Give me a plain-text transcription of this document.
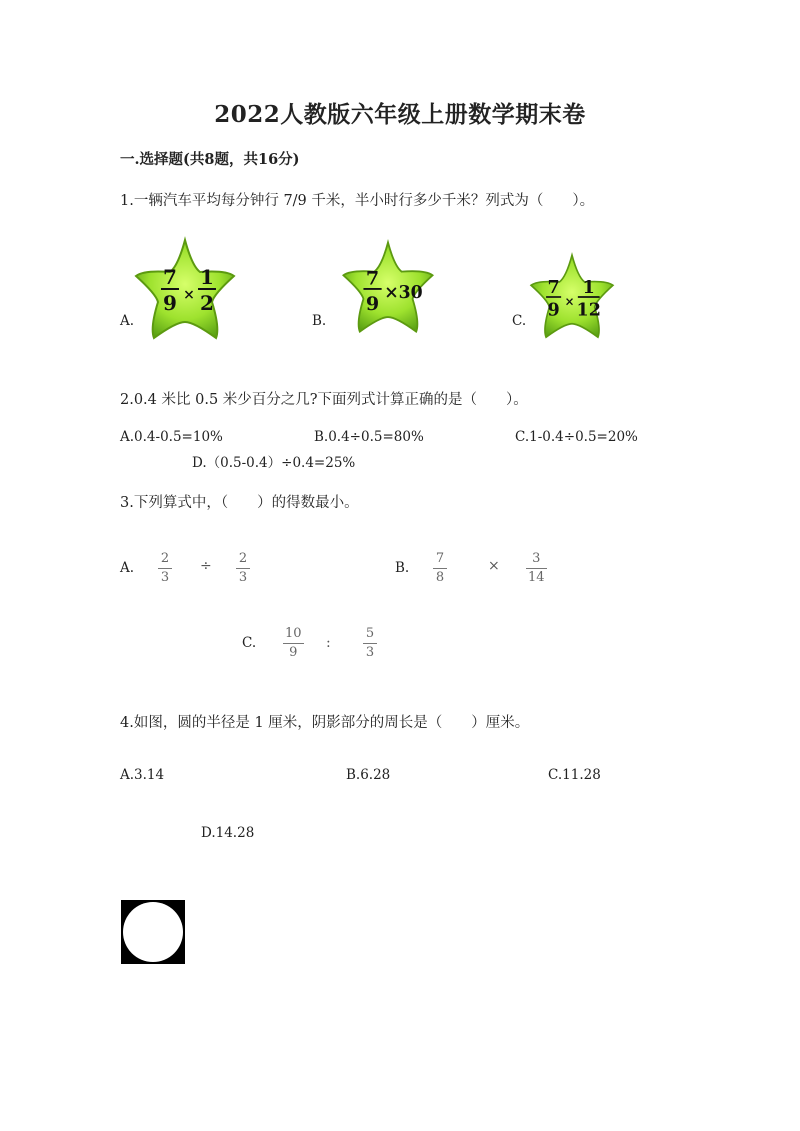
2022人教版六年级上册数学期末卷
一.选择题(共8题，共16分)
1.一辆汽车平均每分钟行 7/9 千米，半小时行多少千米？列式为（　　）。
A.
7
9 ×
1
2
B.
7
9 ×30
C.
7
9 ×
1
12
2.0.4 米比 0.5 米少百分之几?下面列式计算正确的是（　　）。
A.0.4-0.5=10%	B.0.4÷0.5=80%	C.1-0.4÷0.5=20%
D.（0.5-0.4）÷0.4=25%
3.下列算式中，（　　）的得数最小。
A.
2
3
÷ 2
3
B.
7
8
× 3
14
C.
10
9
:
5
3
4.如图，圆的半径是 1 厘米，阴影部分的周长是（　　）厘米。
A.3.14	B.6.28	C.11.28
D.14.28
